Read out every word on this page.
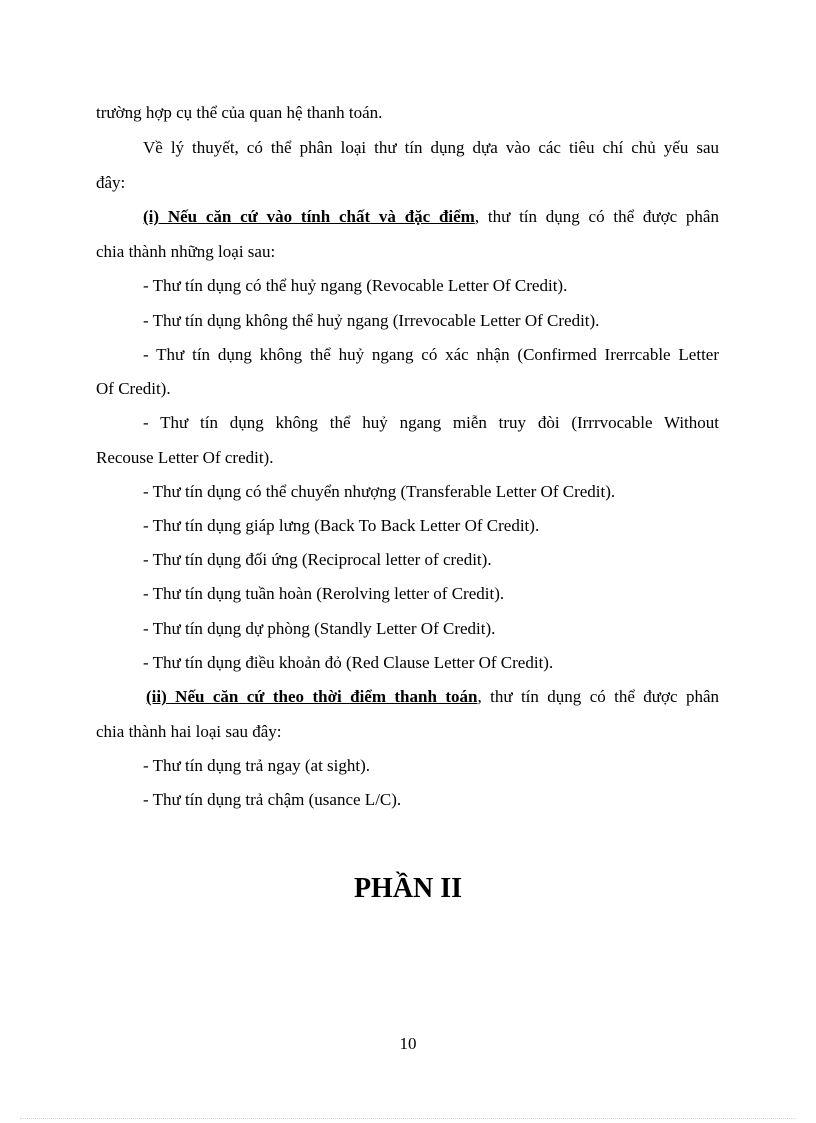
trường hợp cụ thể của quan hệ thanh toán.
Về lý thuyết, có thể phân loại thư tín dụng dựa vào các tiêu chí chủ yếu sau
đây:
(i) Nếu căn cứ vào tính chất và đặc điểm, thư tín dụng có thể được phân
chia thành những loại sau:
- Thư tín dụng có thể huỷ ngang (Revocable Letter Of Credit).
- Thư tín dụng không thể huỷ ngang (Irrevocable Letter Of Credit).
- Thư tín dụng không thể huỷ ngang có xác nhận (Confirmed Irerrcable Letter
Of Credit).
- Thư tín dụng không thể huỷ ngang miễn truy đòi (Irrrvocable Without
Recouse Letter Of credit).
- Thư tín dụng có thể chuyển nhượng (Transferable Letter Of Credit).
- Thư tín dụng giáp lưng (Back To Back Letter Of Credit).
- Thư tín dụng đối ứng (Reciprocal letter of credit).
- Thư tín dụng tuần hoàn (Rerolving letter of Credit).
- Thư tín dụng dự phòng (Standly Letter Of Credit).
- Thư tín dụng điều khoản đỏ (Red Clause Letter Of Credit).
(ii) Nếu căn cứ theo thời điểm thanh toán, thư tín dụng có thể được phân
chia thành hai loại sau đây:
- Thư tín dụng trả ngay (at sight).
- Thư tín dụng trả chậm (usance L/C).
PHẦN II
10
